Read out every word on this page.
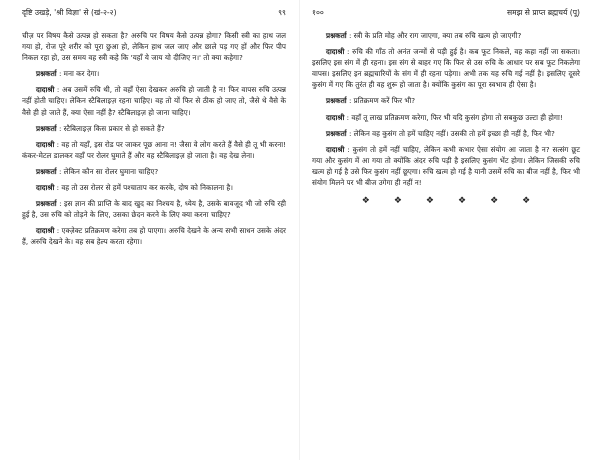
दृष्टि उखड़े, 'श्री विज्ञा' से (खं-२-२)	९९

चीज़ पर विषय कैसे उत्पन्न हो सकता है? अरुचि पर विषय कैसे उत्पन्न होगा? किसी स्त्री का हाथ जल गया हो, रोज पूरे शरीर को पूरा छुआ हो, लेकिन हाथ जल जाए और छाले पड़ गए हों और फिर पीप निकल रहा हो, उस समय वह स्त्री कहे कि 'यहाँ ये जाय यो दीजिए न।' तो क्या कहेगा?

प्रश्नकर्ता : मना कर देगा।

दादाश्री : अब उसमें रुचि थी, तो वहाँ ऐसा देखकर अरुचि हो जाती है न! फिर वापस रुचि उत्पन्न नहीं होती चाहिए। लेकिन स्टैबिलाइज़ रहना चाहिए। वह तो यों फिर से ठीक हो जाए तो, जैसे थे वैसे के वैसे ही हो जाते हैं, क्या ऐसा नहीं है? स्टैबिलाइज़ हो जाना चाहिए।

प्रश्नकर्ता : स्टैबिलाइज़ किस प्रकार से हो सकते हैं?

दादाश्री : वह तो यहाँ, इस रोड पर जाकर पूछ आना न! जैसा वे लोग करते हैं वैसे ही तू भी करना! कंकर-मेटल डालकर वहाँ पर रोलर घुमाते हैं और वह स्टैबिलाइज़ हो जाता है। वह देख लेना।

प्रश्नकर्ता : लेकिन कौन सा रोलर घुमाना चाहिए?

दादाश्री : वह तो उस रोलर से हमें पश्चाताप कर करके, दोष को निकालना है।

प्रश्नकर्ता : इस ज्ञान की प्राप्ति के बाद खुद का निश्चय है, ध्येय है, उसके बावजूद भी जो रुचि रही हुई है, उस रुचि को तोड़ने के लिए, उसका छेदन करने के लिए क्या करना चाहिए?

दादाश्री : एक्ज़ेक्ट प्रतिक्रमण करेगा तब हो पाएगा। अरुचि देखने के अन्य सभी साधन उसके अंदर हैं, अरुचि देखने के। वह सब हेल्प करता रहेगा।

१००	समझ से प्राप्त ब्रह्मचर्य (पू)

प्रश्नकर्ता : स्त्री के प्रति मोह और राग जाएगा, क्या तब रुचि खत्म हो जाएगी?

दादाश्री : रुचि की गाँठ तो अनंत जन्मों से पड़ी हुई है। कब फूट निकले, वह कहा नहीं जा सकता। इसलिए इस संग में ही रहना। इस संग से बाहर गए कि फिर से उस रुचि के आधार पर सब फूट निकलेगा वापस। इसलिए इन ब्रह्मचारियों के संग में ही रहना पड़ेगा। अभी तक यह रुचि गई नहीं है। इसलिए दूसरे कुसंग में गए कि तुरंत ही वह शुरू हो जाता है। क्योंकि कुसंग का पूरा स्वभाव ही ऐसा है।

प्रश्नकर्ता : प्रतिक्रमण करें फिर भी?

दादाश्री : वहाँ तू लाख प्रतिक्रमण करेगा, फिर भी यदि कुसंग होगा तो सबकुछ उल्टा ही होगा!

प्रश्नकर्ता : लेकिन वह कुसंग तो हमें चाहिए नहीं। उसकी तो हमें इच्छा ही नहीं है, फिर भी?

दादाश्री : कुसंग तो हमें नहीं चाहिए, लेकिन कभी कभार ऐसा संयोग आ जाता है न? सत्संग छूट गया और कुसंग में आ गया तो क्योंकि अंदर रुचि पड़ी है इसलिए कुसंग भेंट होगा। लेकिन जिसकी रुचि खत्म हो गई है उसे फिर कुसंग नहीं छूएगा। रुचि खत्म हो गई है यानी उसमें रुचि का बीज नहीं है, फिर भी संयोग मिलने पर भी बीज उगेगा ही नहीं न!

❖	❖	❖	❖	❖	❖
